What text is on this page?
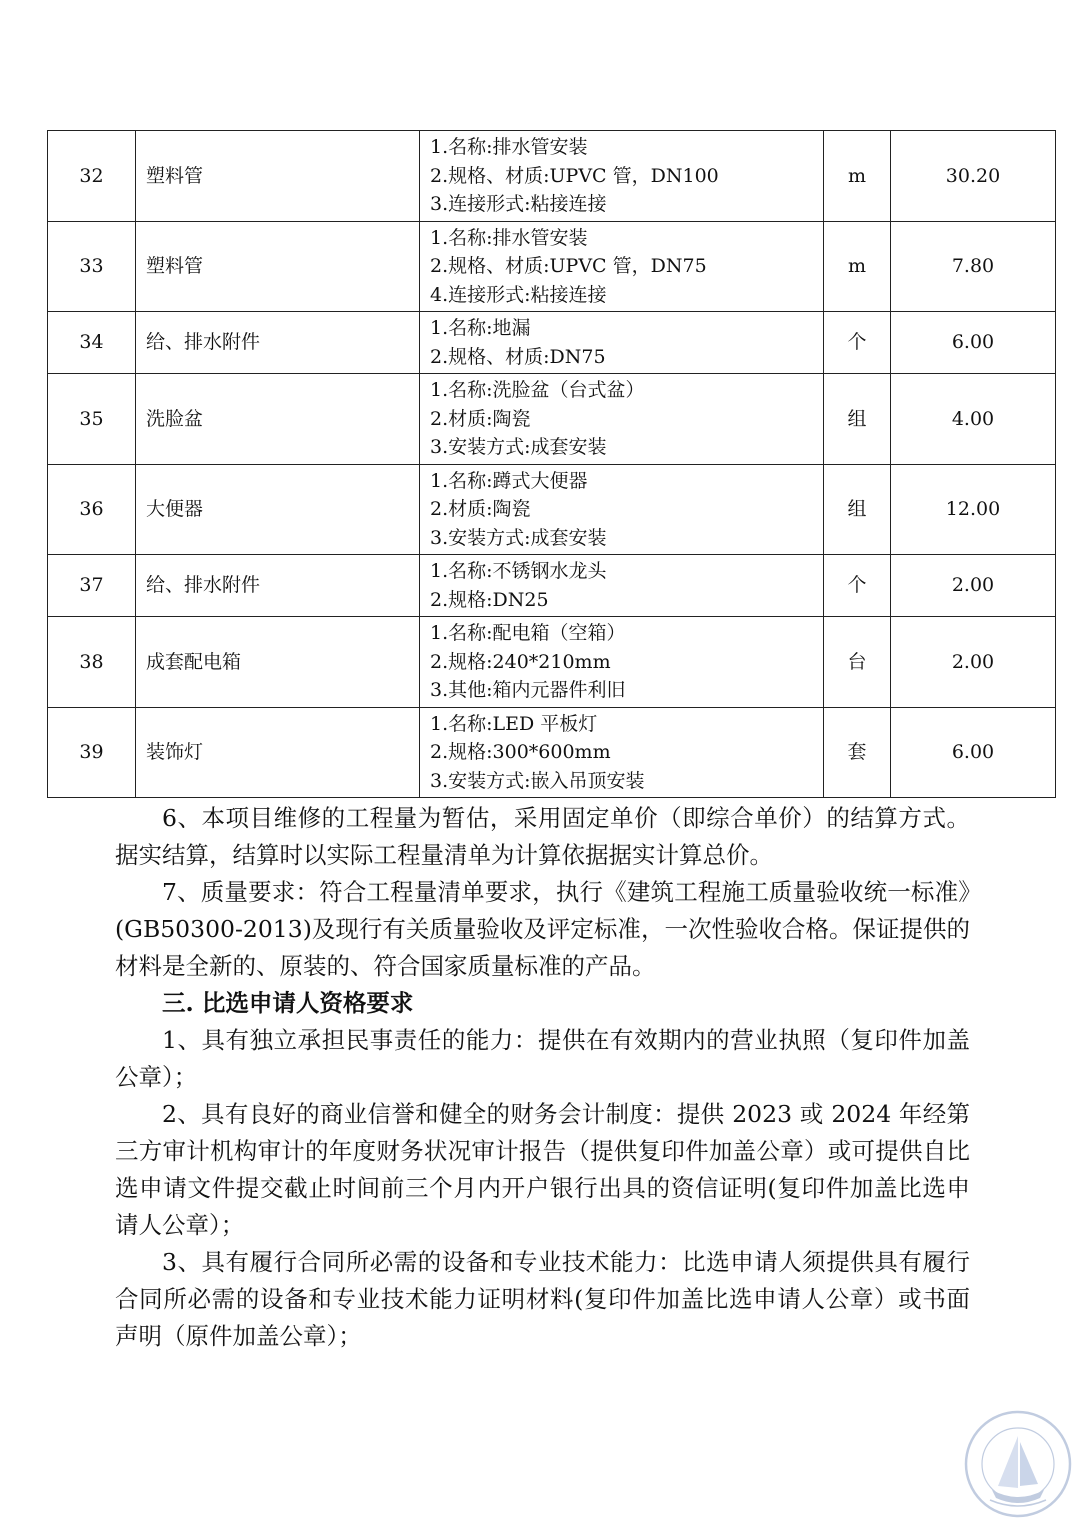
32	塑料管	1.名称:排水管安装
2.规格、材质:UPVC 管，DN100
3.连接形式:粘接连接	m	30.20
33	塑料管	1.名称:排水管安装
2.规格、材质:UPVC 管，DN75
4.连接形式:粘接连接	m	7.80
34	给、排水附件	1.名称:地漏
2.规格、材质:DN75	个	6.00
35	洗脸盆	1.名称:洗脸盆（台式盆）
2.材质:陶瓷
3.安装方式:成套安装	组	4.00
36	大便器	1.名称:蹲式大便器
2.材质:陶瓷
3.安装方式:成套安装	组	12.00
37	给、排水附件	1.名称:不锈钢水龙头
2.规格:DN25	个	2.00
38	成套配电箱	1.名称:配电箱（空箱）
2.规格:240*210mm
3.其他:箱内元器件利旧	台	2.00
39	装饰灯	1.名称:LED 平板灯
2.规格:300*600mm
3.安装方式:嵌入吊顶安装	套	6.00

6、本项目维修的工程量为暂估，采用固定单价（即综合单价）的结算方式。据实结算，结算时以实际工程量清单为计算依据据实计算总价。

7、质量要求：符合工程量清单要求，执行《建筑工程施工质量验收统一标准》(GB50300-2013)及现行有关质量验收及评定标准，一次性验收合格。保证提供的材料是全新的、原装的、符合国家质量标准的产品。

三. 比选申请人资格要求

1、具有独立承担民事责任的能力：提供在有效期内的营业执照（复印件加盖公章）；

2、具有良好的商业信誉和健全的财务会计制度：提供 2023 或 2024 年经第三方审计机构审计的年度财务状况审计报告（提供复印件加盖公章）或可提供自比选申请文件提交截止时间前三个月内开户银行出具的资信证明(复印件加盖比选申请人公章）；

3、具有履行合同所必需的设备和专业技术能力：比选申请人须提供具有履行合同所必需的设备和专业技术能力证明材料(复印件加盖比选申请人公章）或书面声明（原件加盖公章）；
